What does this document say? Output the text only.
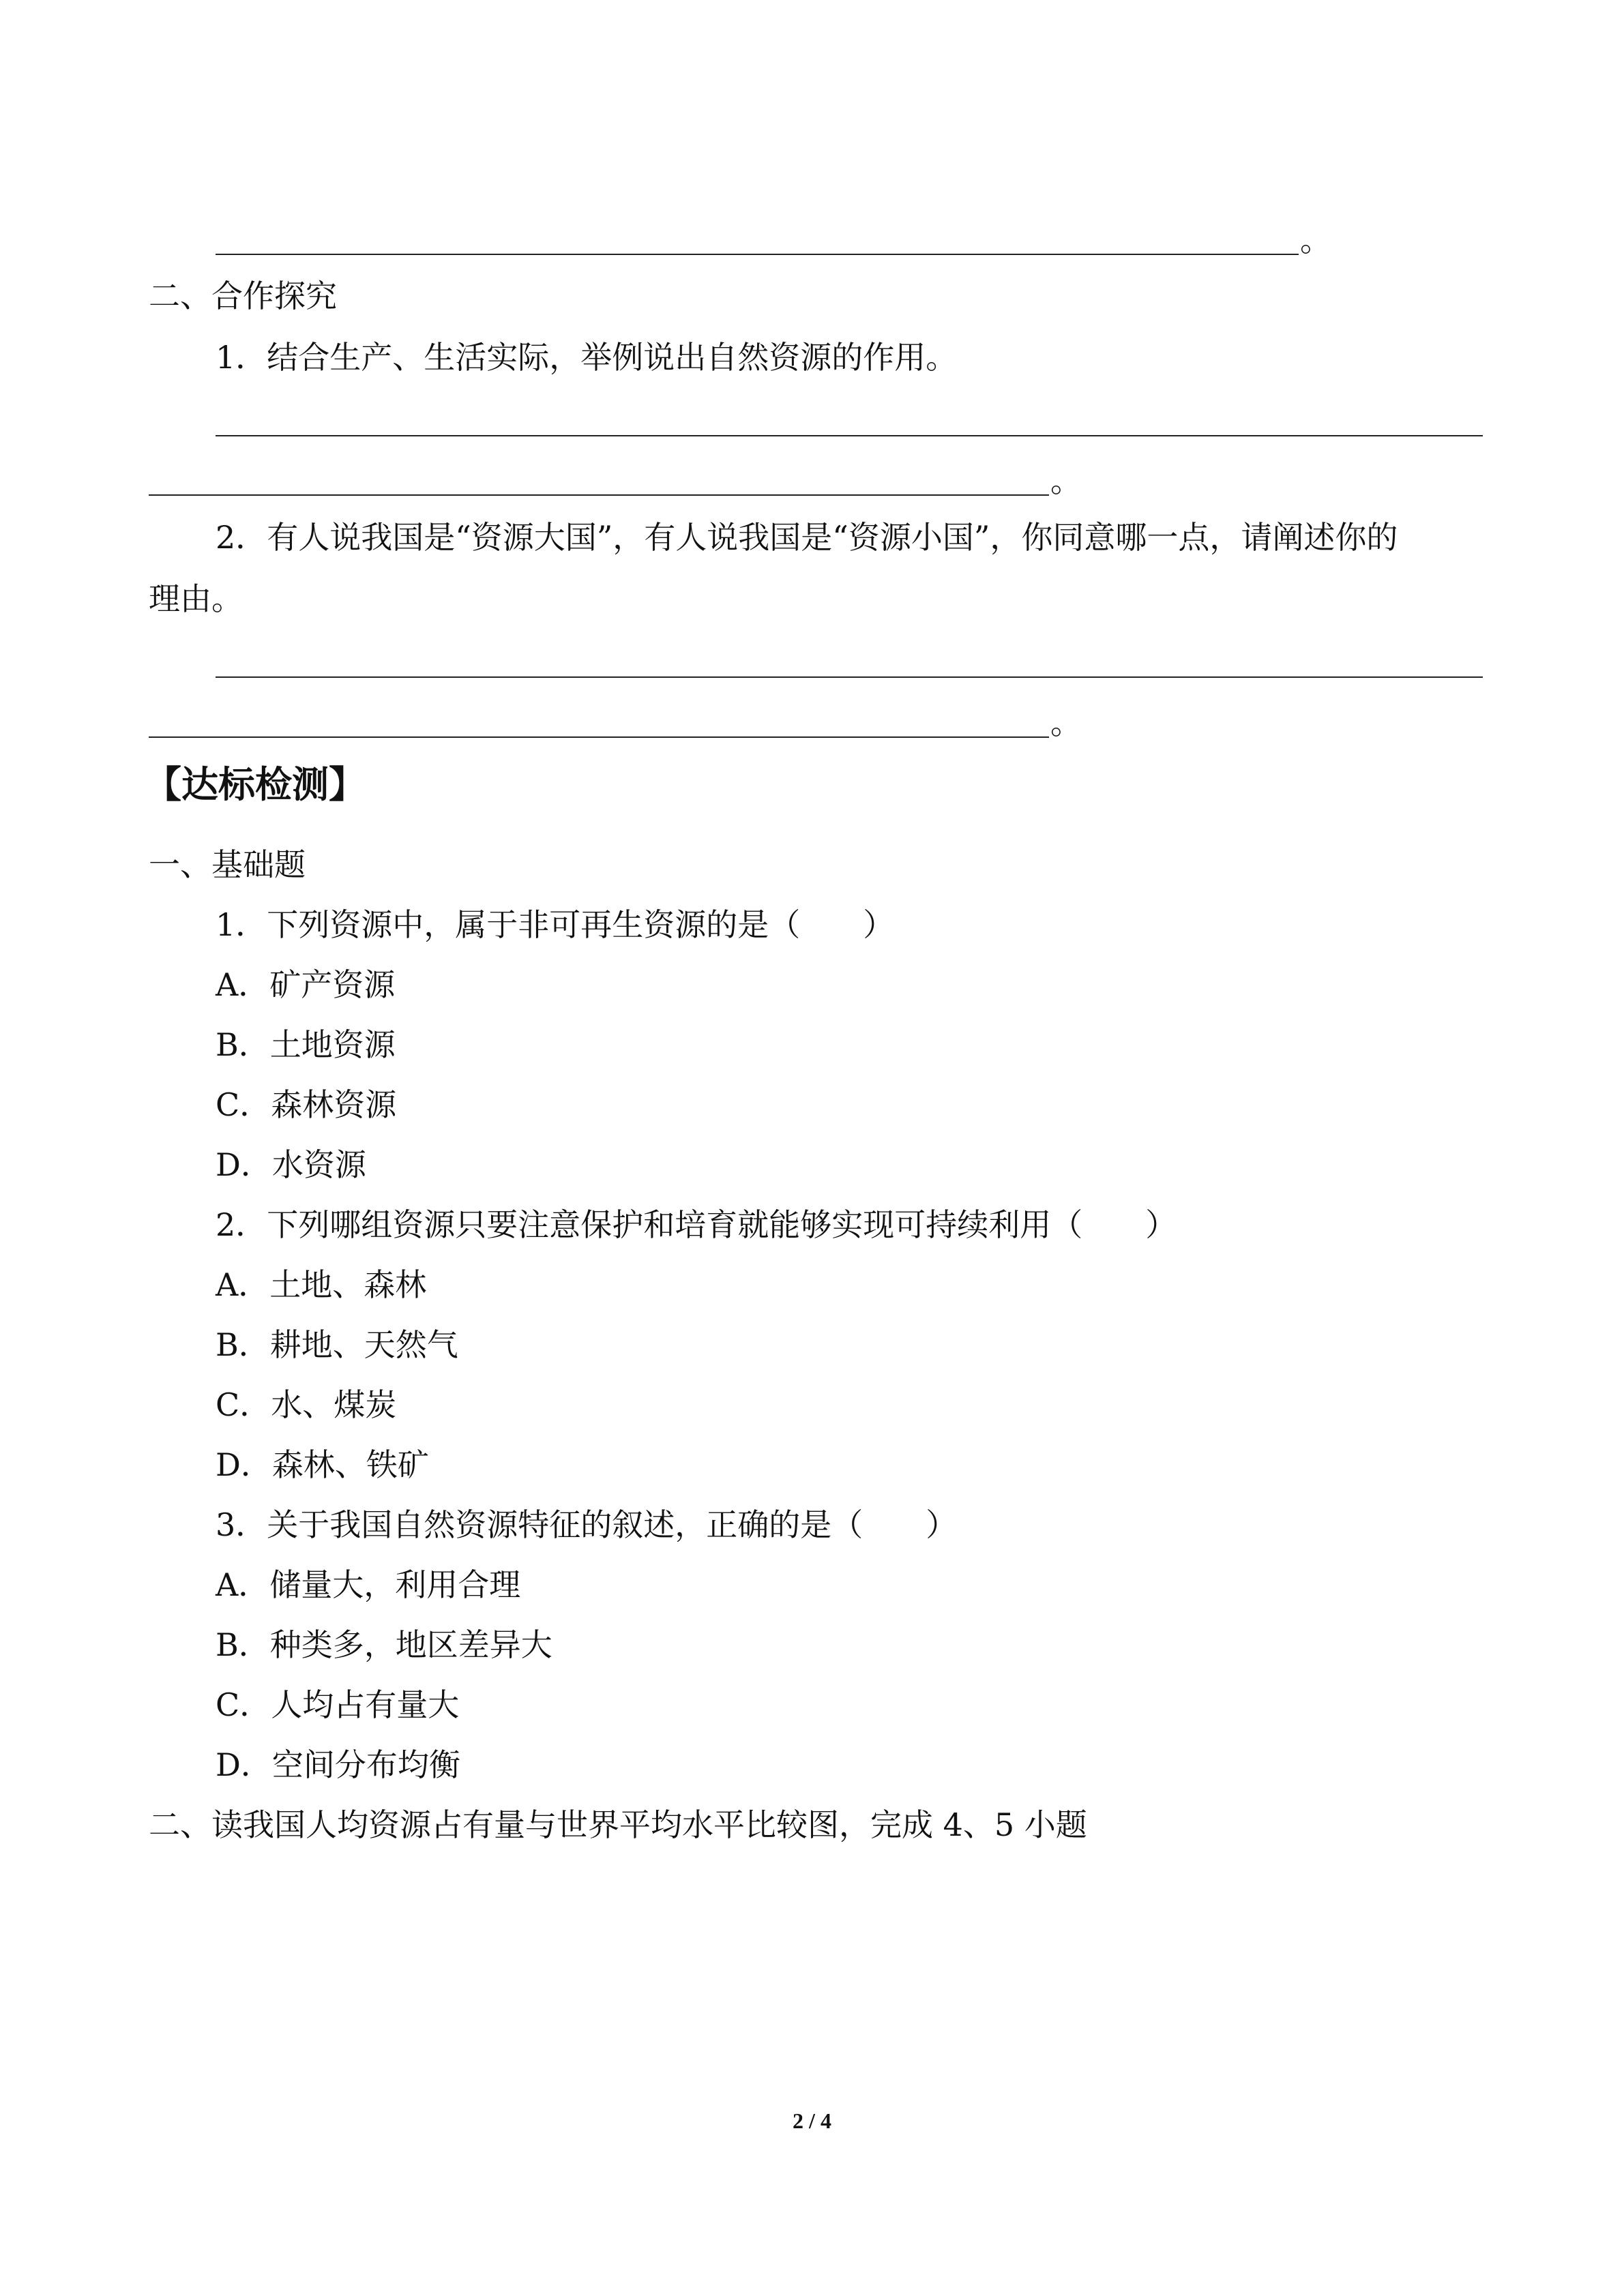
。
二、合作探究
1．结合生产、生活实际，举例说出自然资源的作用。
。
2．有人说我国是“资源大国”，有人说我国是“资源小国”，你同意哪一点，请阐述你的
理由。
。
【达标检测】
一、基础题
1．下列资源中，属于非可再生资源的是（　　）
A．矿产资源
B．土地资源
C．森林资源
D．水资源
2．下列哪组资源只要注意保护和培育就能够实现可持续利用（　　）
A．土地、森林
B．耕地、天然气
C．水、煤炭
D．森林、铁矿
3．关于我国自然资源特征的叙述，正确的是（　　）
A．储量大，利用合理
B．种类多，地区差异大
C．人均占有量大
D．空间分布均衡
二、读我国人均资源占有量与世界平均水平比较图，完成 4、5 小题
2 / 4
